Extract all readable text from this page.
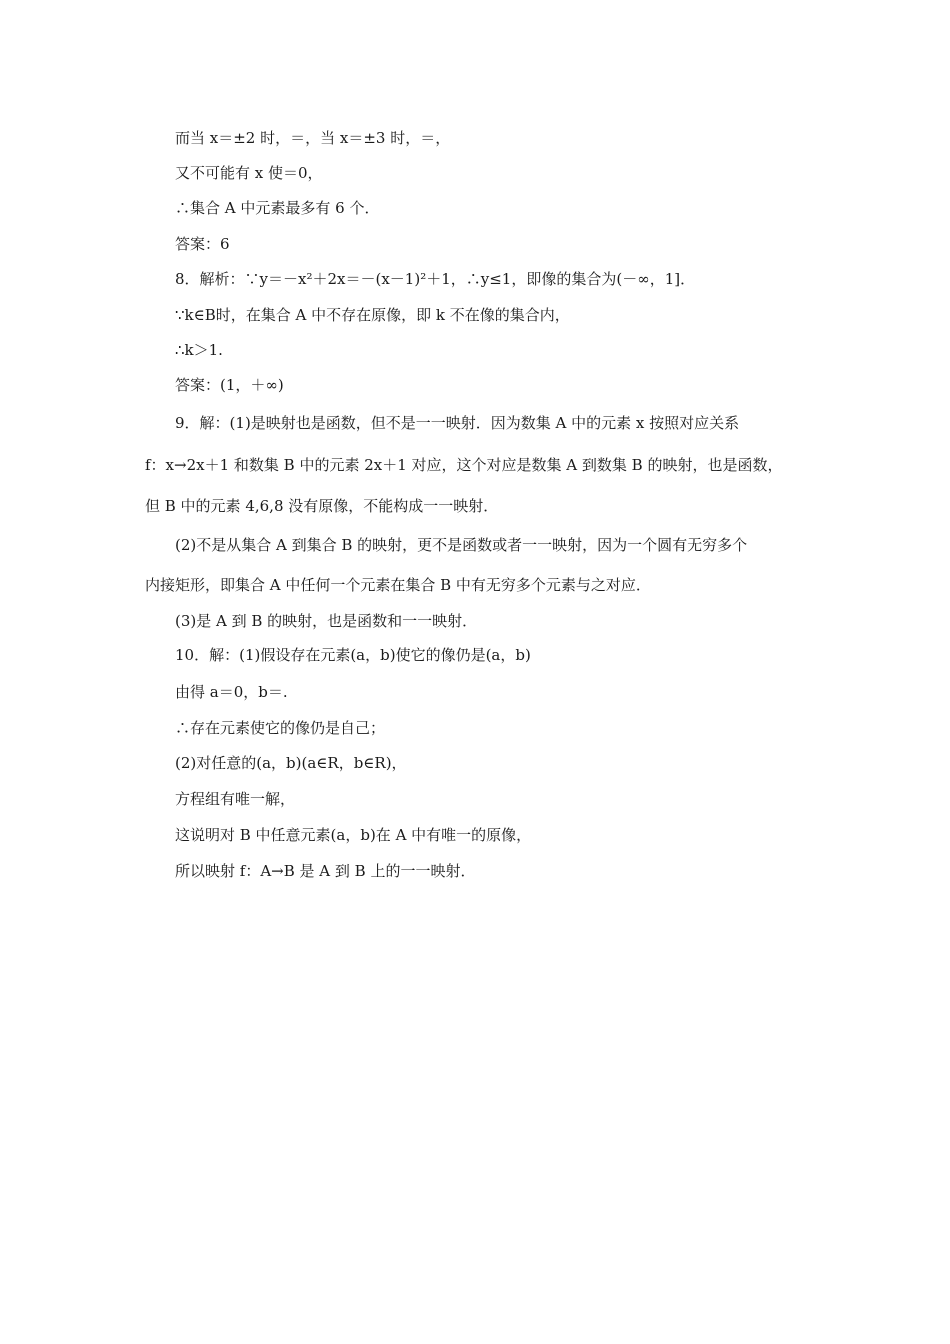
而当 x＝±2 时，＝，当 x＝±3 时，＝，
又不可能有 x 使＝0，
∴集合 A 中元素最多有 6 个．
答案：6
8．解析：∵y＝－x²＋2x＝－(x－1)²＋1，∴y≤1，即像的集合为(－∞，1]．
∵k∈B时，在集合 A 中不存在原像，即 k 不在像的集合内，
∴k＞1.
答案：(1，＋∞)
9．解：(1)是映射也是函数，但不是一一映射．因为数集 A 中的元素 x 按照对应关系
f：x→2x＋1 和数集 B 中的元素 2x＋1 对应，这个对应是数集 A 到数集 B 的映射，也是函数，
但 B 中的元素 4,6,8 没有原像，不能构成一一映射．
(2)不是从集合 A 到集合 B 的映射，更不是函数或者一一映射，因为一个圆有无穷多个
内接矩形，即集合 A 中任何一个元素在集合 B 中有无穷多个元素与之对应．
(3)是 A 到 B 的映射，也是函数和一一映射．
10．解：(1)假设存在元素(a，b)使它的像仍是(a，b)
由得 a＝0，b＝.
∴存在元素使它的像仍是自己；
(2)对任意的(a，b)(a∈R，b∈R)，
方程组有唯一解，
这说明对 B 中任意元素(a，b)在 A 中有唯一的原像，
所以映射 f：A→B 是 A 到 B 上的一一映射．
